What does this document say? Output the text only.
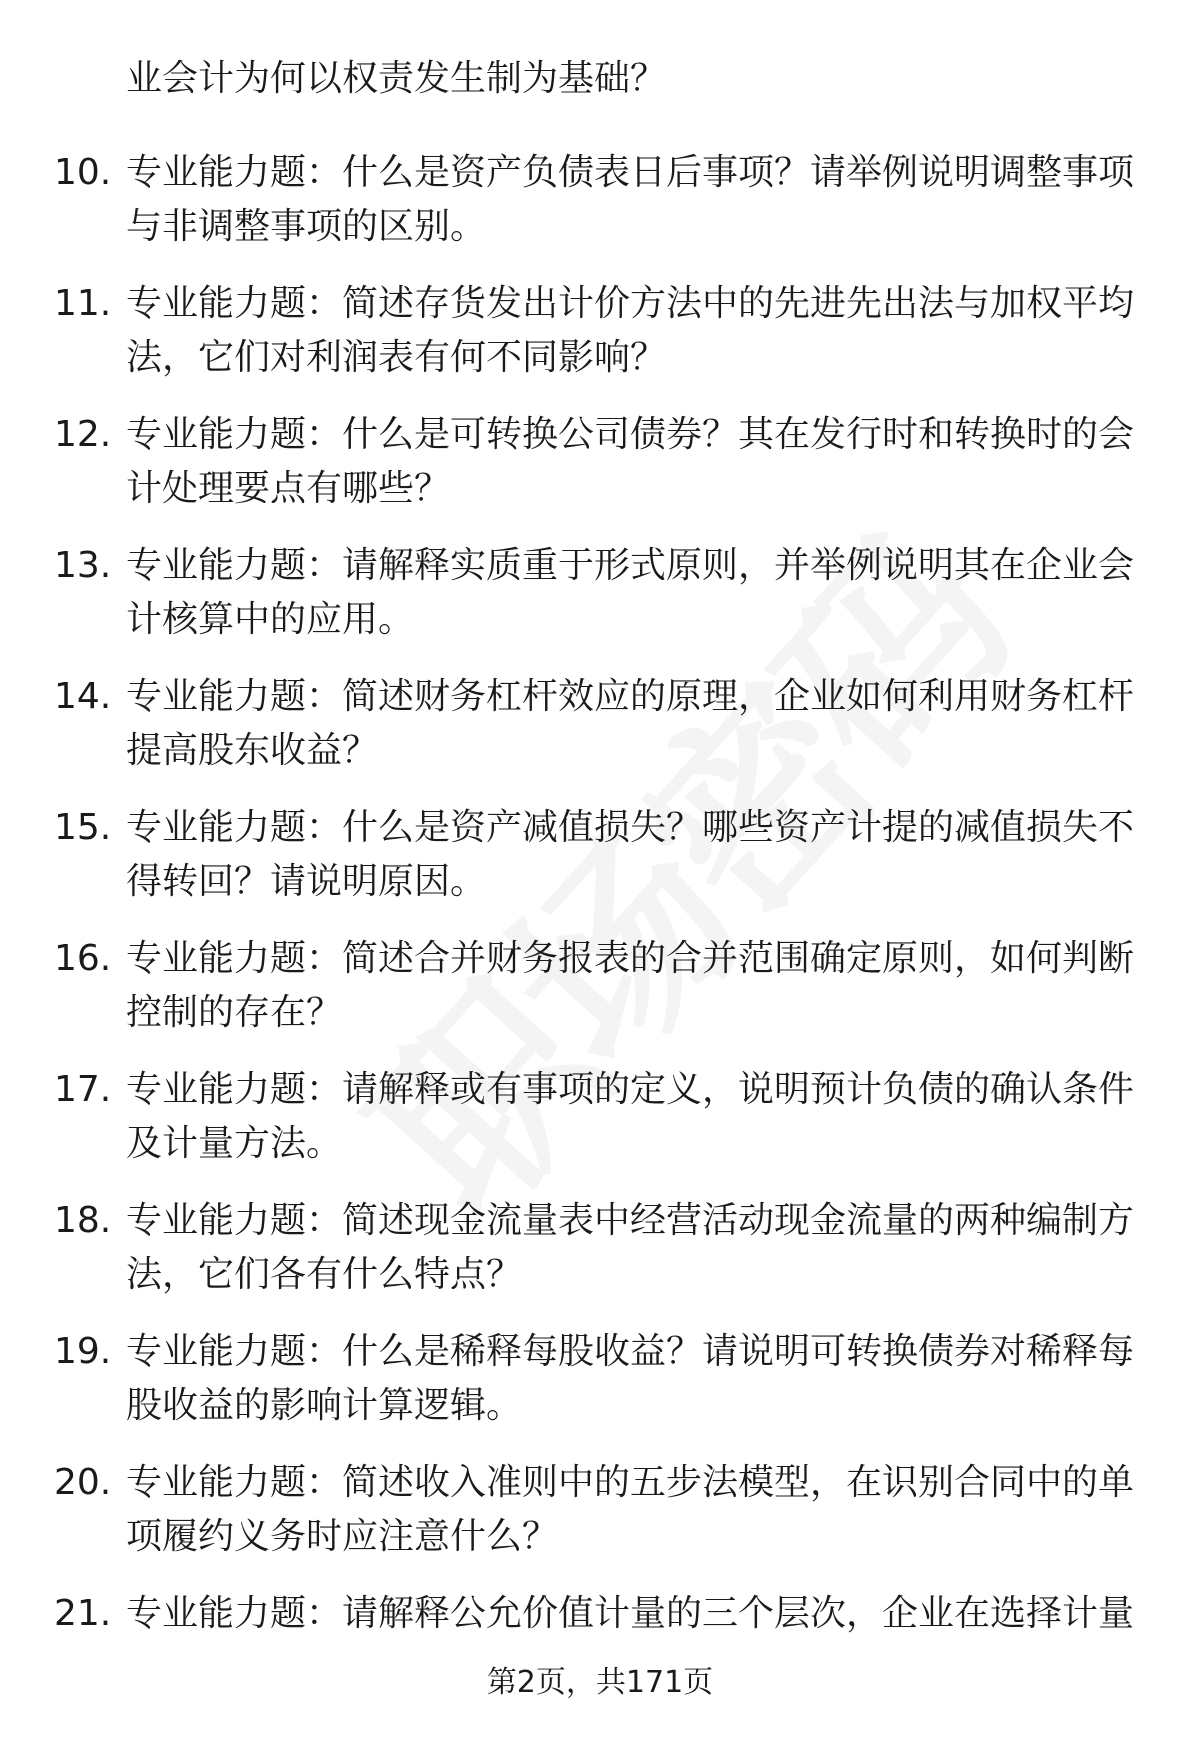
业会计为何以权责发生制为基础？
10. 专业能力题：什么是资产负债表日后事项？请举例说明调整事项与非调整事项的区别。
11. 专业能力题：简述存货发出计价方法中的先进先出法与加权平均法，它们对利润表有何不同影响？
12. 专业能力题：什么是可转换公司债券？其在发行时和转换时的会计处理要点有哪些？
13. 专业能力题：请解释实质重于形式原则，并举例说明其在企业会计核算中的应用。
14. 专业能力题：简述财务杠杆效应的原理，企业如何利用财务杠杆提高股东收益？
15. 专业能力题：什么是资产减值损失？哪些资产计提的减值损失不得转回？请说明原因。
16. 专业能力题：简述合并财务报表的合并范围确定原则，如何判断控制的存在？
17. 专业能力题：请解释或有事项的定义，说明预计负债的确认条件及计量方法。
18. 专业能力题：简述现金流量表中经营活动现金流量的两种编制方法，它们各有什么特点？
19. 专业能力题：什么是稀释每股收益？请说明可转换债券对稀释每股收益的影响计算逻辑。
20. 专业能力题：简述收入准则中的五步法模型，在识别合同中的单项履约义务时应注意什么？
21. 专业能力题：请解释公允价值计量的三个层次，企业在选择计量
第2页，共171页
